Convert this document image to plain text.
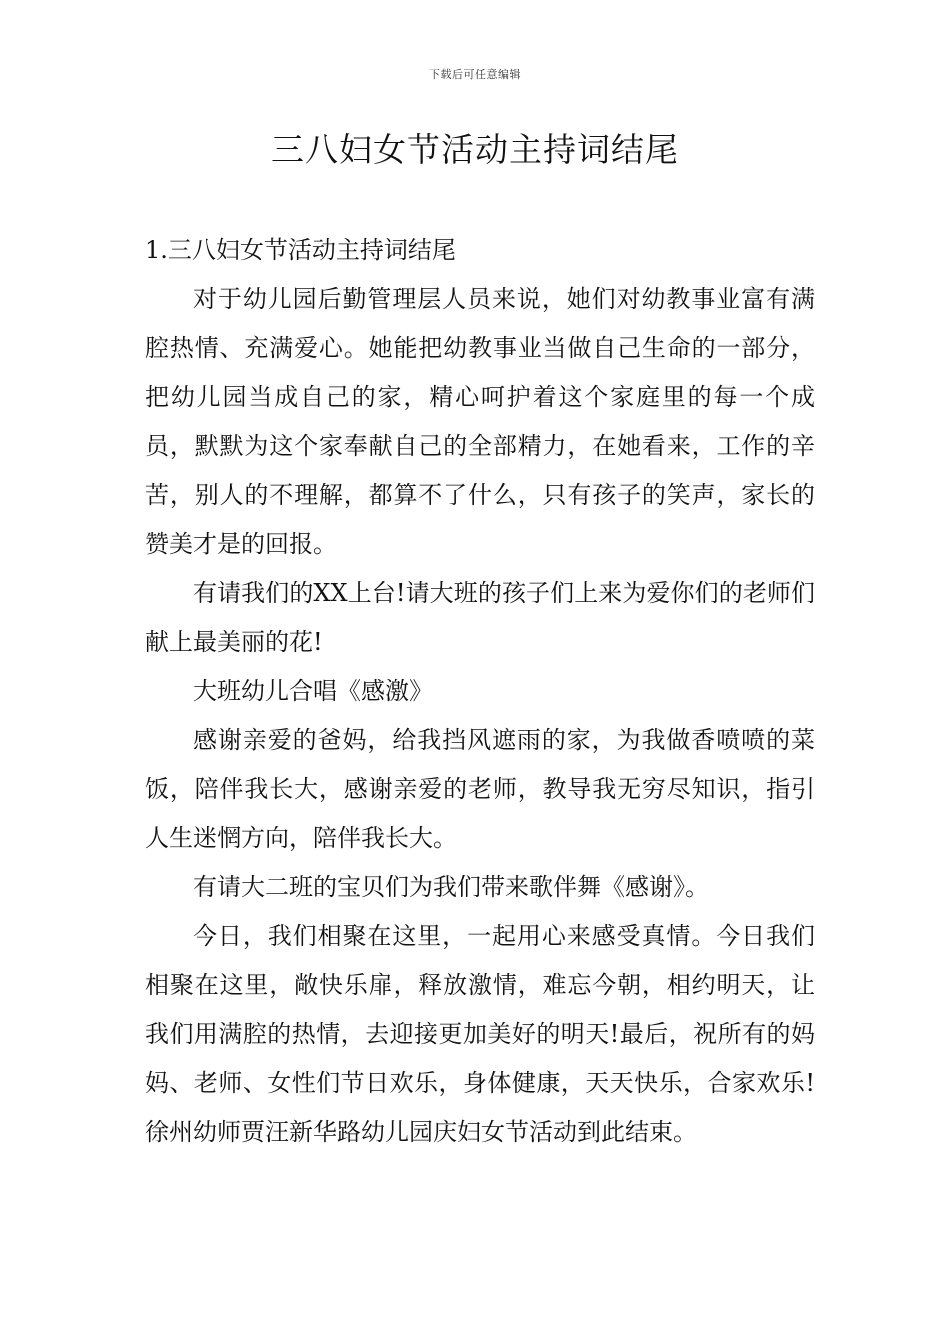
下载后可任意编辑
三八妇女节活动主持词结尾
1.三八妇女节活动主持词结尾

对于幼儿园后勤管理层人员来说，她们对幼教事业富有满腔热情、充满爱心。她能把幼教事业当做自己生命的一部分，把幼儿园当成自己的家，精心呵护着这个家庭里的每一个成员，默默为这个家奉献自己的全部精力，在她看来，工作的辛苦，别人的不理解，都算不了什么，只有孩子的笑声，家长的赞美才是的回报。

有请我们的XX上台!请大班的孩子们上来为爱你们的老师们献上最美丽的花!

大班幼儿合唱《感激》

感谢亲爱的爸妈，给我挡风遮雨的家，为我做香喷喷的菜饭，陪伴我长大，感谢亲爱的老师，教导我无穷尽知识，指引人生迷惘方向，陪伴我长大。

有请大二班的宝贝们为我们带来歌伴舞《感谢》。

今日，我们相聚在这里，一起用心来感受真情。今日我们相聚在这里，敞快乐扉，释放激情，难忘今朝，相约明天，让我们用满腔的热情，去迎接更加美好的明天!最后，祝所有的妈妈、老师、女性们节日欢乐，身体健康，天天快乐，合家欢乐!徐州幼师贾汪新华路幼儿园庆妇女节活动到此结束。
